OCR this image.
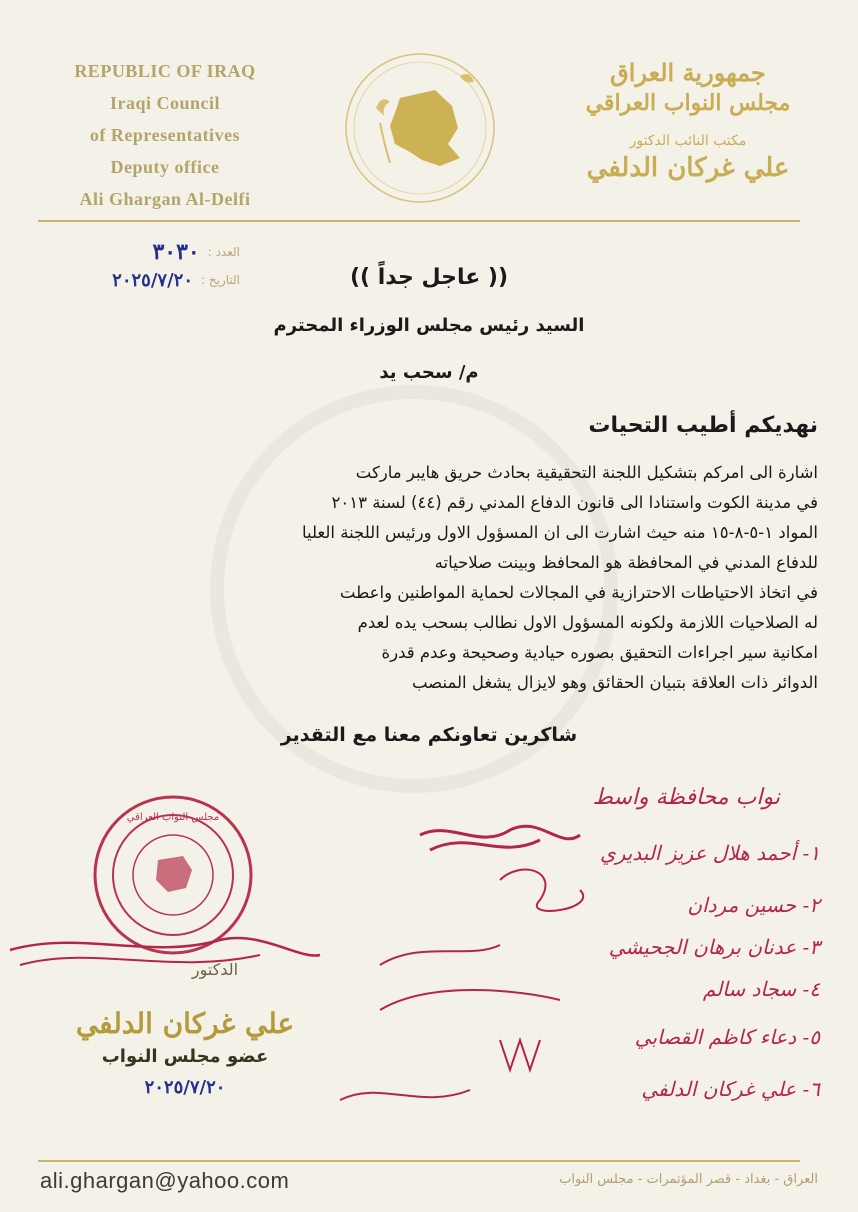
REPUBLIC OF IRAQ
Iraqi Council
of Representatives
Deputy office
Ali Ghargan Al-Delfi
جمهورية العراق
مجلس النواب العراقي
مكتب النائب الدكتور
علي غركان الدلفي
العدد :
٣٠٣٠
التاريخ :
٢٠٢٥/٧/٢٠	(( عاجل جداً ))
السيد رئيس مجلس الوزراء المحترم
م/ سحب يد
نهديكم أطيب التحيات

اشارة الى امركم بتشكيل اللجنة التحقيقية بحادث حريق هايبر ماركت

في مدينة الكوت واستنادا الى قانون الدفاع المدني رقم (٤٤) لسنة ٢٠١٣

المواد ١-٥-٨-١٥ منه حيث اشارت الى ان المسؤول الاول ورئيس اللجنة العليا

للدفاع المدني في المحافظة هو المحافظ وبينت صلاحياته

في اتخاذ الاحتياطات الاحترازية في المجالات لحماية المواطنين واعطت

له الصلاحيات اللازمة ولكونه المسؤول الاول نطالب بسحب يده لعدم

امكانية سير اجراءات التحقيق بصوره حيادية وصحيحة وعدم قدرة

الدوائر ذات العلاقة بتبيان الحقائق وهو لايزال يشغل المنصب

شاكرين تعاونكم معنا مع التقدير
مجلس النواب العراقي
نواب محافظة واسط
١- أحمد هلال عزيز البديري
٢- حسين مردان
٣- عدنان برهان الجحيشي
٤- سجاد سالم
٥- دعاء كاظم القصابي
٦- علي غركان الدلفي
الدكتور
علي غركان الدلفي
عضو مجلس النواب
٢٠٢٥/٧/٢٠
ali.ghargan@yahoo.com	العراق - بغداد - قصر المؤتمرات - مجلس النواب
